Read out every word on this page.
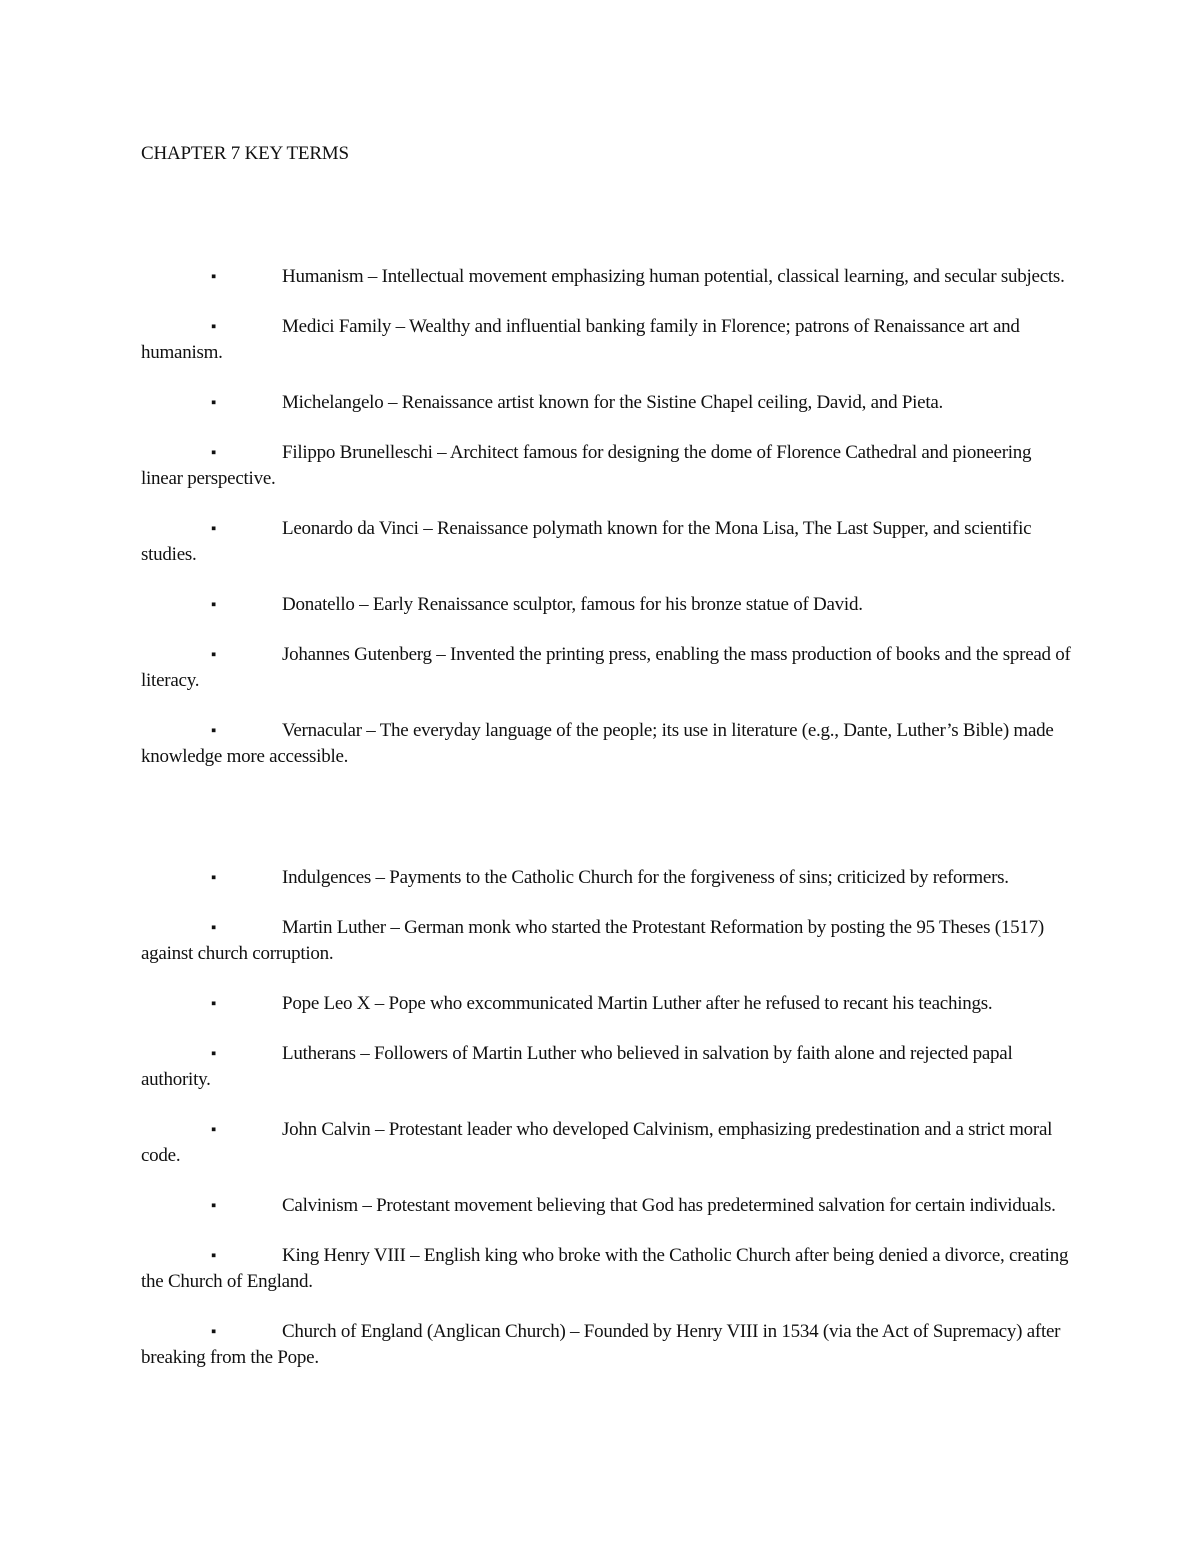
CHAPTER 7 KEY TERMS
▪	Humanism – Intellectual movement emphasizing human potential, classical learning, and secular subjects.
▪	Medici Family – Wealthy and influential banking family in Florence; patrons of Renaissance art and humanism.
▪	Michelangelo – Renaissance artist known for the Sistine Chapel ceiling, David, and Pieta.
▪	Filippo Brunelleschi – Architect famous for designing the dome of Florence Cathedral and pioneering linear perspective.
▪	Leonardo da Vinci – Renaissance polymath known for the Mona Lisa, The Last Supper, and scientific studies.
▪	Donatello – Early Renaissance sculptor, famous for his bronze statue of David.
▪	Johannes Gutenberg – Invented the printing press, enabling the mass production of books and the spread of literacy.
▪	Vernacular – The everyday language of the people; its use in literature (e.g., Dante, Luther’s Bible) made knowledge more accessible.
▪	Indulgences – Payments to the Catholic Church for the forgiveness of sins; criticized by reformers.
▪	Martin Luther – German monk who started the Protestant Reformation by posting the 95 Theses (1517) against church corruption.
▪	Pope Leo X – Pope who excommunicated Martin Luther after he refused to recant his teachings.
▪	Lutherans – Followers of Martin Luther who believed in salvation by faith alone and rejected papal authority.
▪	John Calvin – Protestant leader who developed Calvinism, emphasizing predestination and a strict moral code.
▪	Calvinism – Protestant movement believing that God has predetermined salvation for certain individuals.
▪	King Henry VIII – English king who broke with the Catholic Church after being denied a divorce, creating the Church of England.
▪	Church of England (Anglican Church) – Founded by Henry VIII in 1534 (via the Act of Supremacy) after breaking from the Pope.
